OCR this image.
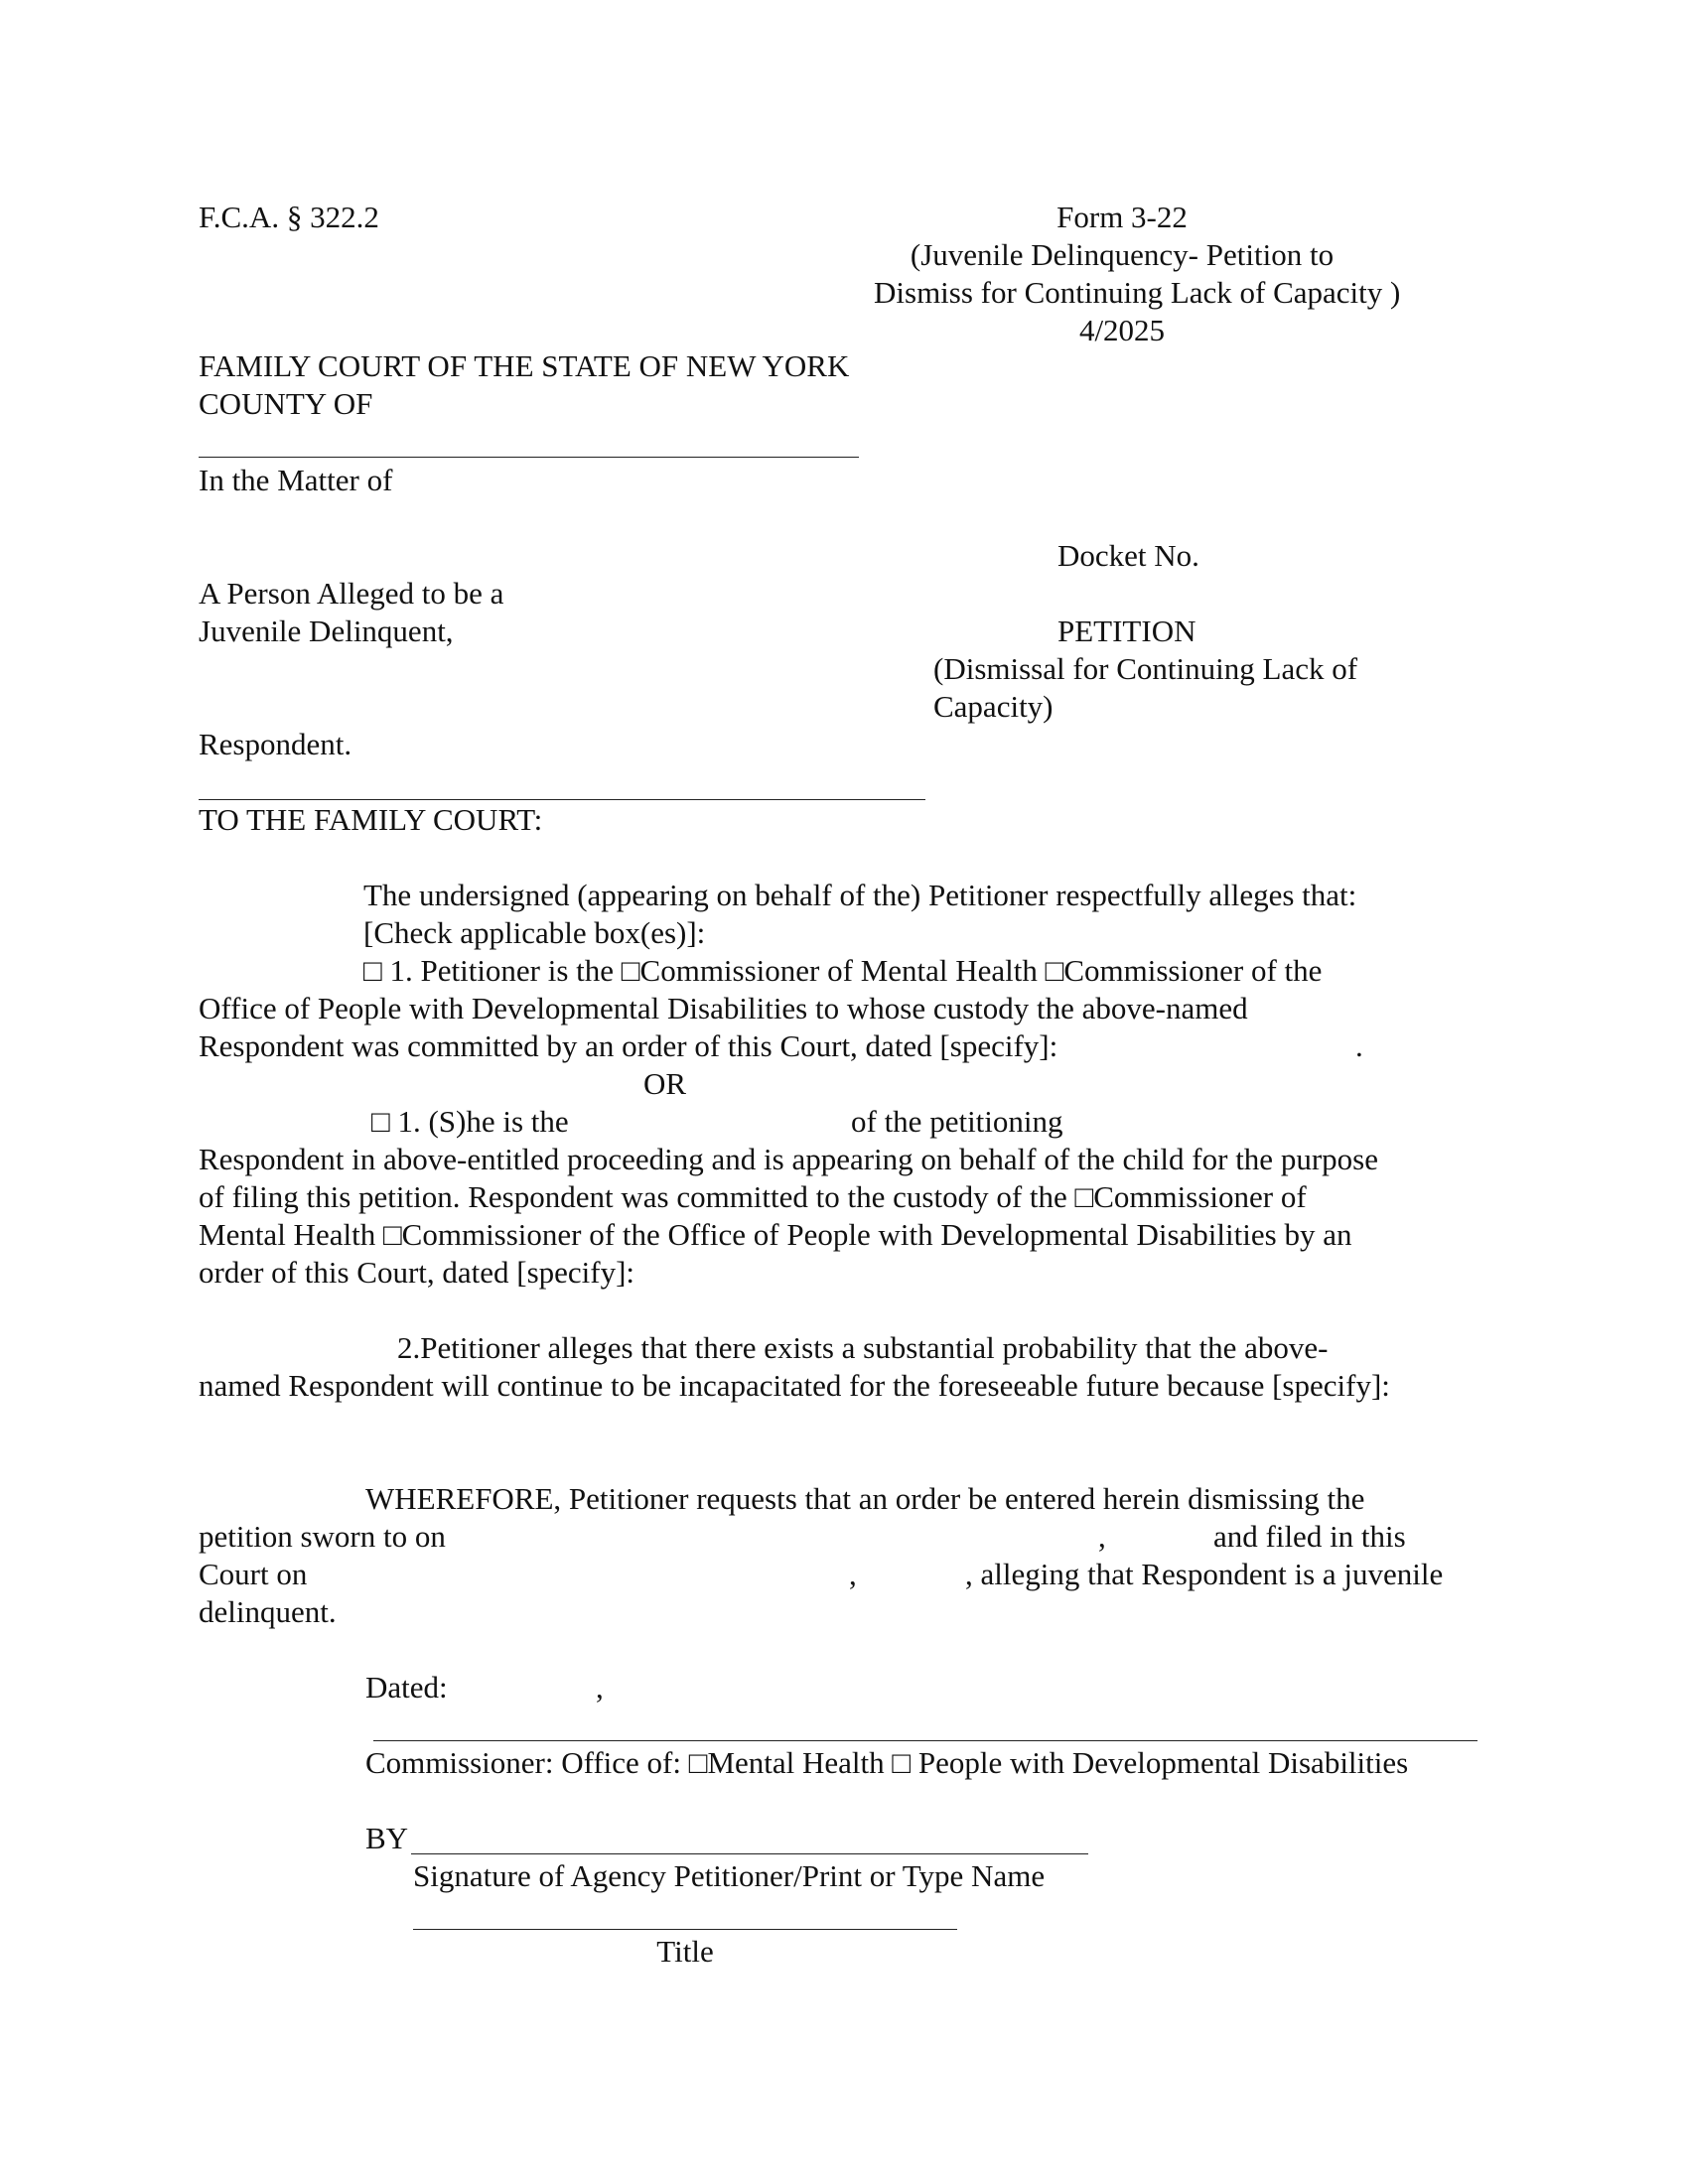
F.C.A. § 322.2	Form 3-22

(Juvenile Delinquency- Petition to

Dismiss for Continuing Lack of Capacity )

4/2025

FAMILY COURT OF THE STATE OF NEW YORK

COUNTY OF

In the Matter of

Docket No.

A Person Alleged to be a

Juvenile Delinquent,	PETITION

(Dismissal for Continuing Lack of

Capacity)

Respondent.

TO THE FAMILY COURT:

The undersigned (appearing on behalf of the) Petitioner respectfully alleges that:

[Check applicable box(es)]:

□ 1. Petitioner is the □Commissioner of Mental Health □Commissioner of the

Office of People with Developmental Disabilities to whose custody the above-named

Respondent was committed by an order of this Court, dated [specify]:	.

OR

□ 1. (S)he is the	of the petitioning

Respondent in above-entitled proceeding and is appearing on behalf of the child for the purpose

of filing this petition. Respondent was committed to the custody of the □Commissioner of

Mental Health □Commissioner of the Office of People with Developmental Disabilities by an

order of this Court, dated [specify]:

2.Petitioner alleges that there exists a substantial probability that the above-

named Respondent will continue to be incapacitated for the foreseeable future because [specify]:

WHEREFORE, Petitioner requests that an order be entered herein dismissing the

petition sworn to on	,	and filed in this

Court on	,	, alleging that Respondent is a juvenile

delinquent.

Dated:	,

Commissioner: Office of: □Mental Health □ People with Developmental Disabilities

BY

Signature of Agency Petitioner/Print or Type Name

Title
